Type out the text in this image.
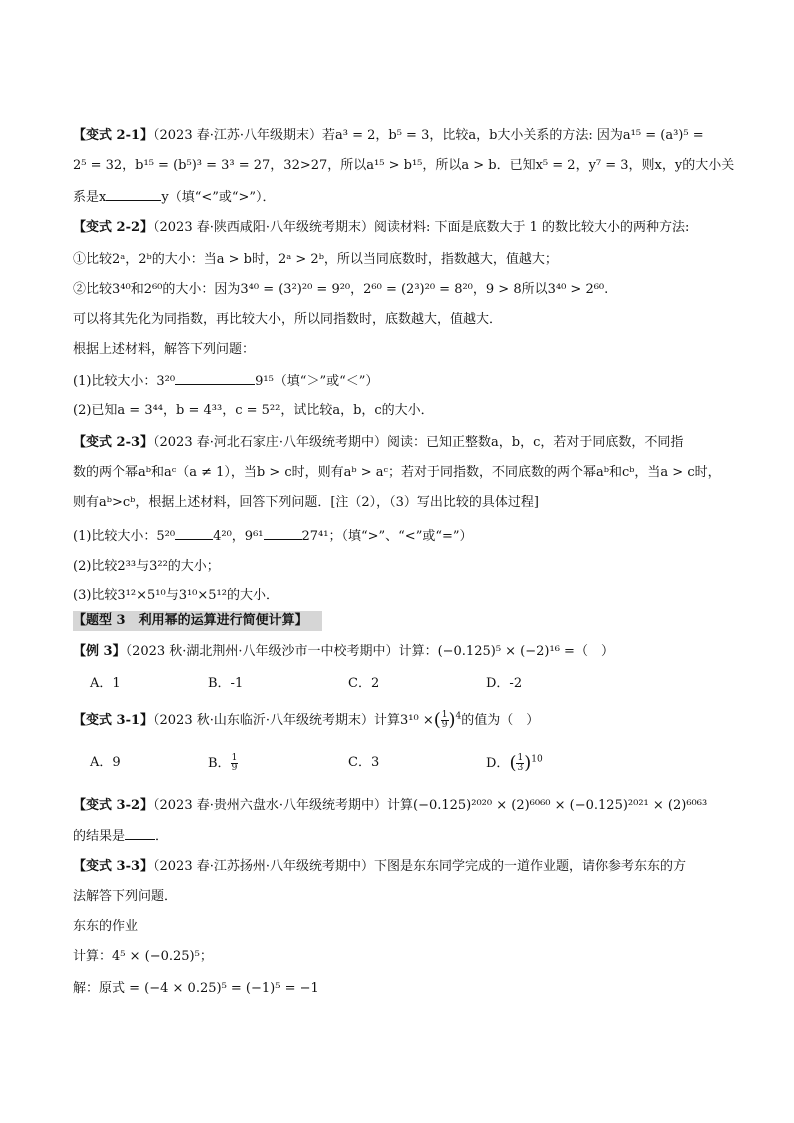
【变式 2-1】（2023 春·江苏·八年级期末）若a³ = 2，b⁵ = 3，比较a，b大小关系的方法: 因为a¹⁵ = (a³)⁵ =
2⁵ = 32，b¹⁵ = (b⁵)³ = 3³ = 27，32>27，所以a¹⁵ > b¹⁵，所以a > b．已知x⁵ = 2，y⁷ = 3，则x，y的大小关
系是x	y（填“<”或“>”）．
【变式 2-2】（2023 春·陕西咸阳·八年级统考期末）阅读材料: 下面是底数大于 1 的数比较大小的两种方法:
①比较2ᵃ，2ᵇ的大小：当a > b时，2ᵃ > 2ᵇ，所以当同底数时，指数越大，值越大；
②比较3⁴⁰和2⁶⁰的大小：因为3⁴⁰ = (3²)²⁰ = 9²⁰，2⁶⁰ = (2³)²⁰ = 8²⁰，9 > 8所以3⁴⁰ > 2⁶⁰.
可以将其先化为同指数，再比较大小，所以同指数时，底数越大，值越大．
根据上述材料，解答下列问题：
(1)比较大小：3²⁰	9¹⁵（填“＞”或“＜”）
(2)已知a = 3⁴⁴，b = 4³³，c = 5²²，试比较a，b，c的大小．
【变式 2-3】（2023 春·河北石家庄·八年级统考期中）阅读：已知正整数a，b，c，若对于同底数，不同指
数的两个幂aᵇ和aᶜ（a ≠ 1），当b > c时，则有aᵇ > aᶜ；若对于同指数，不同底数的两个幂aᵇ和cᵇ，当a > c时，
则有aᵇ>cᵇ，根据上述材料，回答下列问题．[注（2），（3）写出比较的具体过程]
(1)比较大小：5²⁰	4²⁰，9⁶¹	27⁴¹；（填“>”、“<”或“=”）
(2)比较2³³与3²²的大小；
(3)比较3¹²×5¹⁰与3¹⁰×5¹²的大小．
【题型 3　利用幂的运算进行简便计算】
【例 3】（2023 秋·湖北荆州·八年级沙市一中校考期中）计算：(−0.125)⁵ × (−2)¹⁶ =（　）
A．1	B．-1	C．2	D．-2
【变式 3-1】（2023 秋·山东临沂·八年级统考期末）计算3¹⁰ ×( $\frac{1}{9} )^4$的值为（　）
A．9	B． $\frac{1}{9}$	C．3	D．( $\frac{1}{3} )^{10}$
【变式 3-2】（2023 春·贵州六盘水·八年级统考期中）计算(−0.125)²⁰²⁰ × (2)⁶⁰⁶⁰ × (−0.125)²⁰²¹ × (2)⁶⁰⁶³
的结果是 ．
【变式 3-3】（2023 春·江苏扬州·八年级统考期中）下图是东东同学完成的一道作业题，请你参考东东的方
法解答下列问题．
东东的作业
计算：4⁵ × (−0.25)⁵；
解：原式 = (−4 × 0.25)⁵ = (−1)⁵ = −1
